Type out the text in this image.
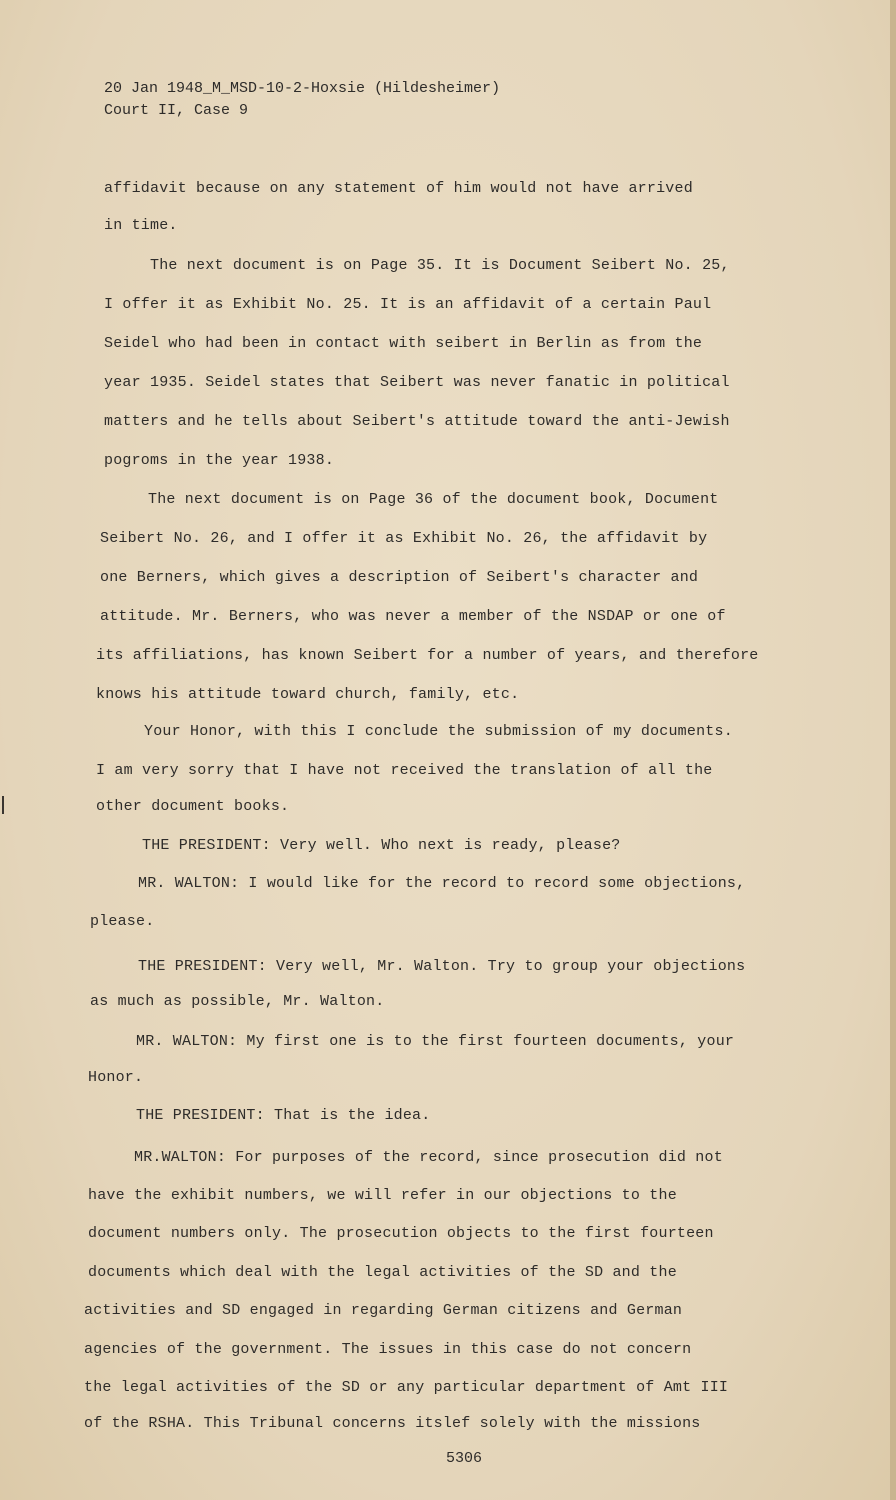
20 Jan 1948_M_MSD-10-2-Hoxsie (Hildesheimer)
Court II, Case 9
affidavit because on any statement of him would not have arrived
in time.
The next document is on Page 35. It is Document Seibert No. 25,
I offer it as Exhibit No. 25. It is an affidavit of a certain Paul
Seidel who had been in contact with seibert in Berlin as from the
year 1935. Seidel states that Seibert was never fanatic in political
matters and he tells about Seibert's attitude toward the anti-Jewish
pogroms in the year 1938.
The next document is on Page 36 of the document book, Document
Seibert No. 26, and I offer it as Exhibit No. 26, the affidavit by
one Berners, which gives a description of Seibert's character and
attitude. Mr. Berners, who was never a member of the NSDAP or one of
its affiliations, has known Seibert for a number of years, and therefore
knows his attitude toward church, family, etc.
Your Honor, with this I conclude the submission of my documents.
I am very sorry that I have not received the translation of all the
other document books.
THE PRESIDENT: Very well. Who next is ready, please?
MR. WALTON: I would like for the record to record some objections,
please.
THE PRESIDENT: Very well, Mr. Walton. Try to group your objections
as much as possible, Mr. Walton.
MR. WALTON: My first one is to the first fourteen documents, your
Honor.
THE PRESIDENT: That is the idea.
MR.WALTON: For purposes of the record, since prosecution did not
have the exhibit numbers, we will refer in our objections to the
document numbers only. The prosecution objects to the first fourteen
documents which deal with the legal activities of the SD and the
activities and SD engaged in regarding German citizens and German
agencies of the government. The issues in this case do not concern
the legal activities of the SD or any particular department of Amt III
of the RSHA. This Tribunal concerns itslef solely with the missions
5306
